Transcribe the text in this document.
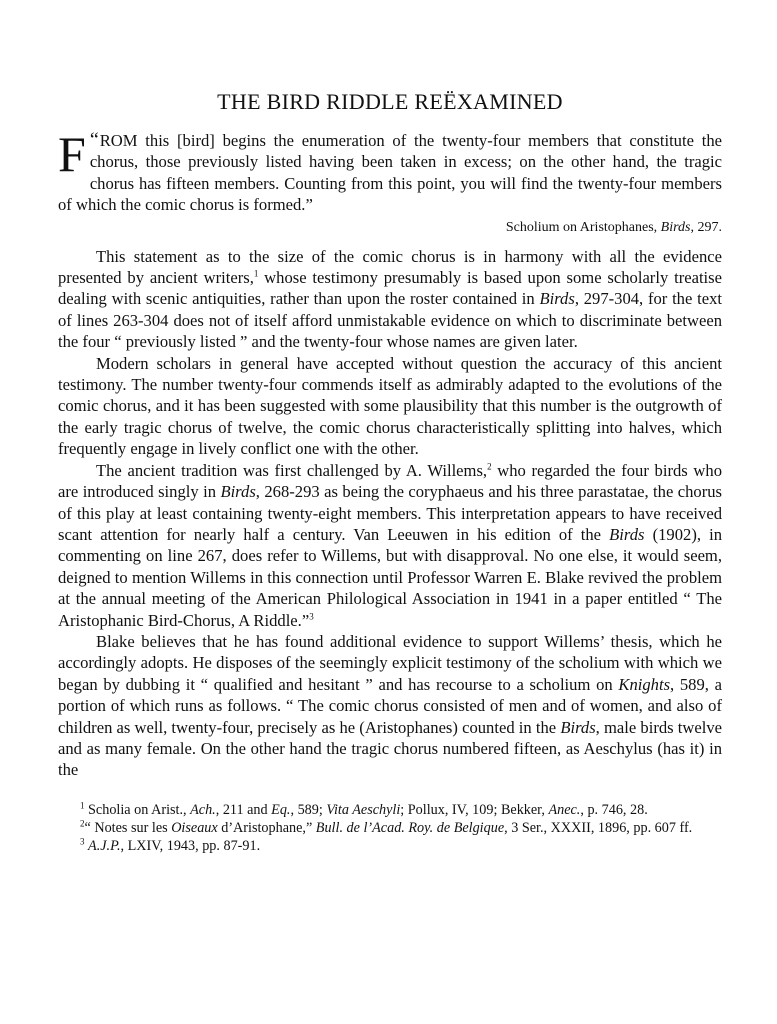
THE BIRD RIDDLE REËXAMINED

“
F ROM this [bird] begins the enumeration of the twenty-four members that constitute the chorus, those previously listed having been taken in excess; on the other hand, the tragic chorus has fifteen members. Counting from this point, you will find the twenty-four members of which the comic chorus is formed.”

Scholium on Aristophanes, Birds, 297.

This statement as to the size of the comic chorus is in harmony with all the evidence presented by ancient writers,$^1$ whose testimony presumably is based upon some scholarly treatise dealing with scenic antiquities, rather than upon the roster contained in Birds, 297-304, for the text of lines 263-304 does not of itself afford unmistakable evidence on which to discriminate between the four “ previously listed ” and the twenty-four whose names are given later.

Modern scholars in general have accepted without question the accuracy of this ancient testimony. The number twenty-four commends itself as admirably adapted to the evolutions of the comic chorus, and it has been suggested with some plausibility that this number is the outgrowth of the early tragic chorus of twelve, the comic chorus characteristically splitting into halves, which frequently engage in lively conflict one with the other.

The ancient tradition was first challenged by A. Willems,$^2$ who regarded the four birds who are introduced singly in Birds, 268-293 as being the coryphaeus and his three parastatae, the chorus of this play at least containing twenty-eight members. This interpretation appears to have received scant attention for nearly half a century. Van Leeuwen in his edition of the Birds (1902), in commenting on line 267, does refer to Willems, but with disapproval. No one else, it would seem, deigned to mention Willems in this connection until Professor Warren E. Blake revived the problem at the annual meeting of the American Philological Association in 1941 in a paper entitled “ The Aristophanic Bird-Chorus, A Riddle.”$^3$

Blake believes that he has found additional evidence to support Willems’ thesis, which he accordingly adopts. He disposes of the seemingly explicit testimony of the scholium with which we began by dubbing it “ qualified and hesitant ” and has recourse to a scholium on Knights, 589, a portion of which runs as follows. “ The comic chorus consisted of men and of women, and also of children as well, twenty-four, precisely as he (Aristophanes) counted in the Birds, male birds twelve and as many female. On the other hand the tragic chorus numbered fifteen, as Aeschylus (has it) in the

$^1$ Scholia on Arist., Ach., 211 and Eq., 589; Vita Aeschyli; Pollux, IV, 109; Bekker, Anec., p. 746, 28.

$^2$“ Notes sur les Oiseaux d’Aristophane,” Bull. de l’Acad. Roy. de Belgique, 3 Ser., XXXII, 1896, pp. 607 ff.

$^3$ A.J.P., LXIV, 1943, pp. 87-91.
